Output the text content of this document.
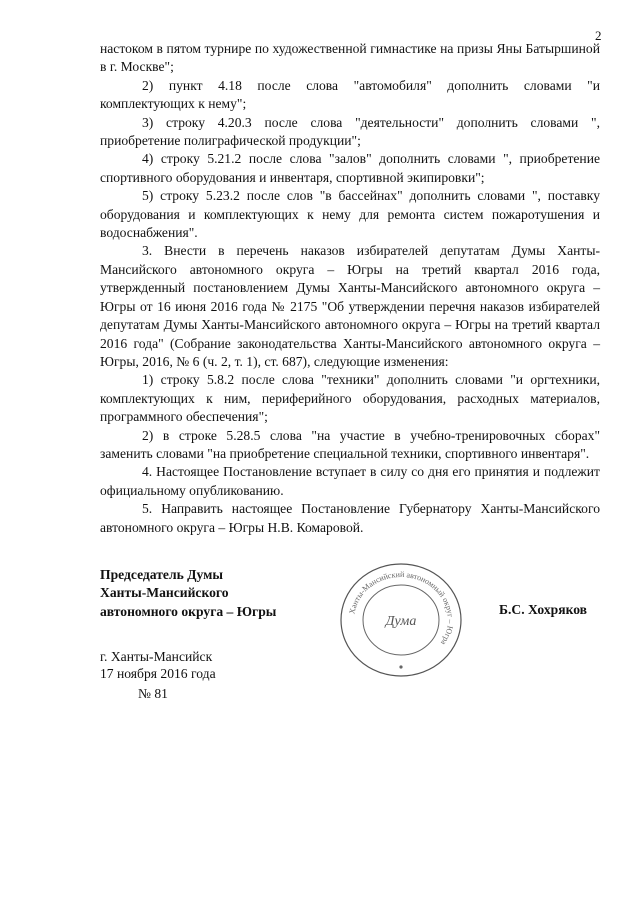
2

настоком в пятом турнире по художественной гимнастике на призы Яны Батыршиной в г. Москве";

2) пункт 4.18 после слова "автомобиля" дополнить словами "и комплектующих к нему";

3) строку 4.20.3 после слова "деятельности" дополнить словами ", приобретение полиграфической продукции";

4) строку 5.21.2 после слова "залов" дополнить словами ", приобретение спортивного оборудования и инвентаря, спортивной экипировки";

5) строку 5.23.2 после слов "в бассейнах" дополнить словами ", поставку оборудования и комплектующих к нему для ремонта систем пожаротушения и водоснабжения".

3. Внести в перечень наказов избирателей депутатам Думы Ханты-Мансийского автономного округа – Югры на третий квартал 2016 года, утвержденный постановлением Думы Ханты-Мансийского автономного округа – Югры от 16 июня 2016 года № 2175 "Об утверждении перечня наказов избирателей депутатам Думы Ханты-Мансийского автономного округа – Югры на третий квартал 2016 года" (Собрание законодательства Ханты-Мансийского автономного округа – Югры, 2016, № 6 (ч. 2, т. 1), ст. 687), следующие изменения:

1) строку 5.8.2 после слова "техники" дополнить словами "и оргтехники, комплектующих к ним, периферийного оборудования, расходных материалов, программного обеспечения";

2) в строке 5.28.5 слова "на участие в учебно-тренировочных сборах" заменить словами "на приобретение специальной техники, спортивного инвентаря".

4. Настоящее Постановление вступает в силу со дня его принятия и подлежит официальному опубликованию.

5. Направить настоящее Постановление Губернатору Ханты-Мансийского автономного округа – Югры Н.В. Комаровой.

Председатель Думы
Ханты-Мансийского
автономного округа – Югры	Ханты-Мансийский автономный округ – Югра
Дума
Б.С. Хохряков
г. Ханты-Мансийск
17 ноября 2016 года
№ 81
